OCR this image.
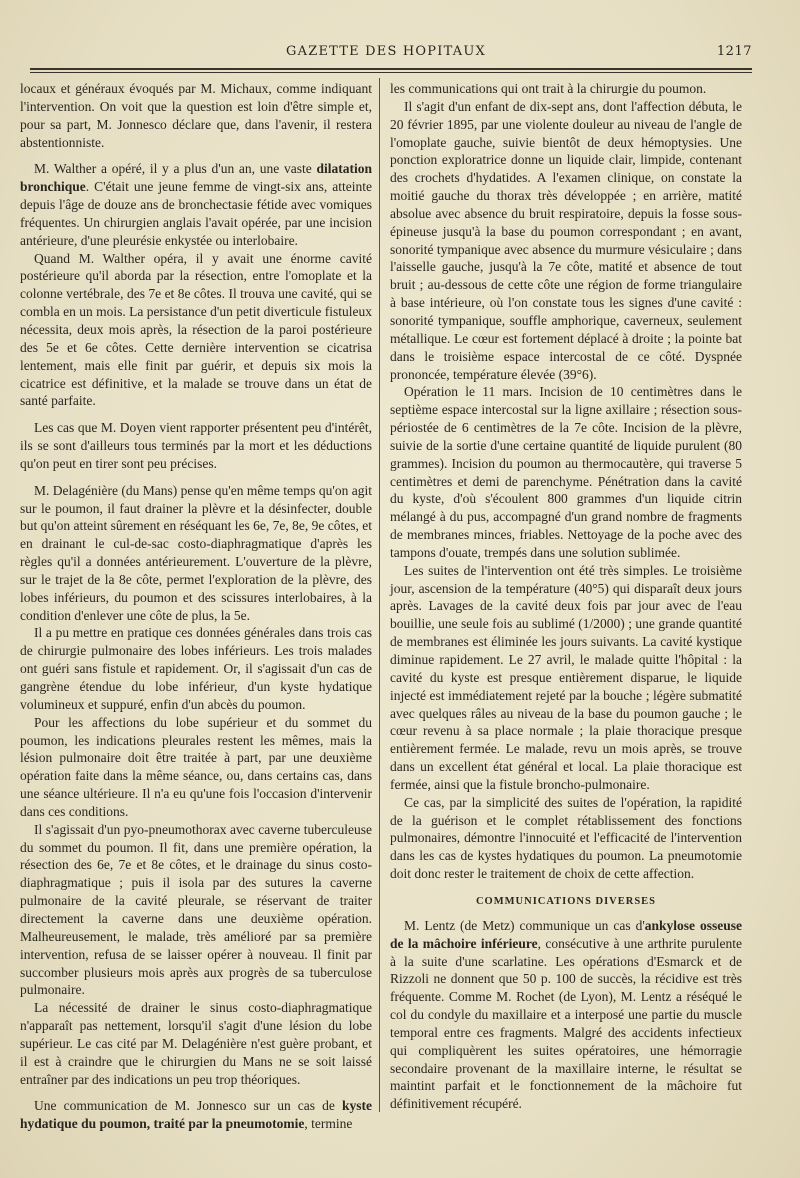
GAZETTE DES HOPITAUX	1217

locaux et généraux évoqués par M. Michaux, comme indiquant l'intervention. On voit que la question est loin d'être simple et, pour sa part, M. Jonnesco déclare que, dans l'avenir, il restera abstentionniste.

M. Walther a opéré, il y a plus d'un an, une vaste dilatation bronchique. C'était une jeune femme de vingt-six ans, atteinte depuis l'âge de douze ans de bronchectasie fétide avec vomiques fréquentes. Un chirurgien anglais l'avait opérée, par une incision antérieure, d'une pleurésie enkystée ou interlobaire.

Quand M. Walther opéra, il y avait une énorme cavité postérieure qu'il aborda par la résection, entre l'omoplate et la colonne vertébrale, des 7e et 8e côtes. Il trouva une cavité, qui se combla en un mois. La persistance d'un petit diverticule fistuleux nécessita, deux mois après, la résection de la paroi postérieure des 5e et 6e côtes. Cette dernière intervention se cicatrisa lentement, mais elle finit par guérir, et depuis six mois la cicatrice est définitive, et la malade se trouve dans un état de santé parfaite.

Les cas que M. Doyen vient rapporter présentent peu d'intérêt, ils se sont d'ailleurs tous terminés par la mort et les déductions qu'on peut en tirer sont peu précises.

M. Delagénière (du Mans) pense qu'en même temps qu'on agit sur le poumon, il faut drainer la plèvre et la désinfecter, double but qu'on atteint sûrement en réséquant les 6e, 7e, 8e, 9e côtes, et en drainant le cul-de-sac costo-diaphragmatique d'après les règles qu'il a données antérieurement. L'ouverture de la plèvre, sur le trajet de la 8e côte, permet l'exploration de la plèvre, des lobes inférieurs, du poumon et des scissures interlobaires, à la condition d'enlever une côte de plus, la 5e.

Il a pu mettre en pratique ces données générales dans trois cas de chirurgie pulmonaire des lobes inférieurs. Les trois malades ont guéri sans fistule et rapidement. Or, il s'agissait d'un cas de gangrène étendue du lobe inférieur, d'un kyste hydatique volumineux et suppuré, enfin d'un abcès du poumon.

Pour les affections du lobe supérieur et du sommet du poumon, les indications pleurales restent les mêmes, mais la lésion pulmonaire doit être traitée à part, par une deuxième opération faite dans la même séance, ou, dans certains cas, dans une séance ultérieure. Il n'a eu qu'une fois l'occasion d'intervenir dans ces conditions.

Il s'agissait d'un pyo-pneumothorax avec caverne tuberculeuse du sommet du poumon. Il fit, dans une première opération, la résection des 6e, 7e et 8e côtes, et le drainage du sinus costo-diaphragmatique ; puis il isola par des sutures la caverne pulmonaire de la cavité pleurale, se réservant de traiter directement la caverne dans une deuxième opération. Malheureusement, le malade, très amélioré par sa première intervention, refusa de se laisser opérer à nouveau. Il finit par succomber plusieurs mois après aux progrès de sa tuberculose pulmonaire.

La nécessité de drainer le sinus costo-diaphragmatique n'apparaît pas nettement, lorsqu'il s'agit d'une lésion du lobe supérieur. Le cas cité par M. Delagénière n'est guère probant, et il est à craindre que le chirurgien du Mans ne se soit laissé entraîner par des indications un peu trop théoriques.

Une communication de M. Jonnesco sur un cas de kyste hydatique du poumon, traité par la pneumotomie, termine

les communications qui ont trait à la chirurgie du poumon.

Il s'agit d'un enfant de dix-sept ans, dont l'affection débuta, le 20 février 1895, par une violente douleur au niveau de l'angle de l'omoplate gauche, suivie bientôt de deux hémoptysies. Une ponction exploratrice donne un liquide clair, limpide, contenant des crochets d'hydatides. A l'examen clinique, on constate la moitié gauche du thorax très développée ; en arrière, matité absolue avec absence du bruit respiratoire, depuis la fosse sous-épineuse jusqu'à la base du poumon correspondant ; en avant, sonorité tympanique avec absence du murmure vésiculaire ; dans l'aisselle gauche, jusqu'à la 7e côte, matité et absence de tout bruit ; au-dessous de cette côte une région de forme triangulaire à base intérieure, où l'on constate tous les signes d'une cavité : sonorité tympanique, souffle amphorique, caverneux, seulement métallique. Le cœur est fortement déplacé à droite ; la pointe bat dans le troisième espace intercostal de ce côté. Dyspnée prononcée, température élevée (39°6).

Opération le 11 mars. Incision de 10 centimètres dans le septième espace intercostal sur la ligne axillaire ; résection sous-périostée de 6 centimètres de la 7e côte. Incision de la plèvre, suivie de la sortie d'une certaine quantité de liquide purulent (80 grammes). Incision du poumon au thermocautère, qui traverse 5 centimètres et demi de parenchyme. Pénétration dans la cavité du kyste, d'où s'écoulent 800 grammes d'un liquide citrin mélangé à du pus, accompagné d'un grand nombre de fragments de membranes minces, friables. Nettoyage de la poche avec des tampons d'ouate, trempés dans une solution sublimée.

Les suites de l'intervention ont été très simples. Le troisième jour, ascension de la température (40°5) qui disparaît deux jours après. Lavages de la cavité deux fois par jour avec de l'eau bouillie, une seule fois au sublimé (1/2000) ; une grande quantité de membranes est éliminée les jours suivants. La cavité kystique diminue rapidement. Le 27 avril, le malade quitte l'hôpital : la cavité du kyste est presque entièrement disparue, le liquide injecté est immédiatement rejeté par la bouche ; légère submatité avec quelques râles au niveau de la base du poumon gauche ; le cœur revenu à sa place normale ; la plaie thoracique presque entièrement fermée. Le malade, revu un mois après, se trouve dans un excellent état général et local. La plaie thoracique est fermée, ainsi que la fistule broncho-pulmonaire.

Ce cas, par la simplicité des suites de l'opération, la rapidité de la guérison et le complet rétablissement des fonctions pulmonaires, démontre l'innocuité et l'efficacité de l'intervention dans les cas de kystes hydatiques du poumon. La pneumotomie doit donc rester le traitement de choix de cette affection.

COMMUNICATIONS DIVERSES

M. Lentz (de Metz) communique un cas d'ankylose osseuse de la mâchoire inférieure, consécutive à une arthrite purulente à la suite d'une scarlatine. Les opérations d'Esmarck et de Rizzoli ne donnent que 50 p. 100 de succès, la récidive est très fréquente. Comme M. Rochet (de Lyon), M. Lentz a réséqué le col du condyle du maxillaire et a interposé une partie du muscle temporal entre ces fragments. Malgré des accidents infectieux qui compliquèrent les suites opératoires, une hémorragie secondaire provenant de la maxillaire interne, le résultat se maintint parfait et le fonctionnement de la mâchoire fut définitivement récupéré.
